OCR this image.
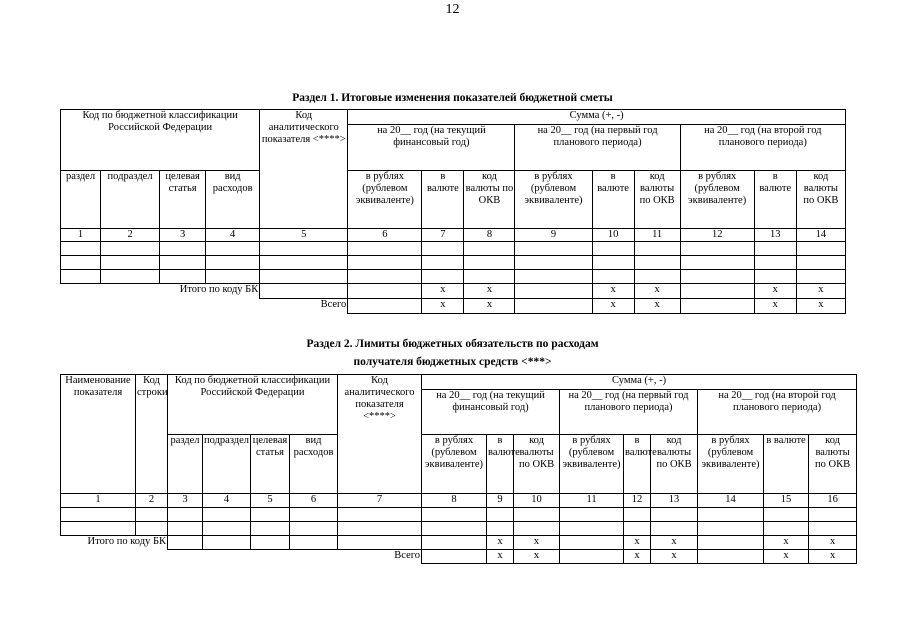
12
Раздел 1. Итоговые изменения показателей бюджетной сметы
Код по бюджетной классификации Российской Федерации				Код аналитического показателя <****>	Сумма (+, -)								
					на 20__ год (на текущий финансовый год)			на 20__ год (на первый год планового периода)			на 20__ год (на второй год планового периода)		

раздел	подраздел	целевая статья	вид расходов		в рублях (рублевом эквиваленте)	в валюте	код валюты по ОКВ	в рублях (рублевом эквиваленте)	в валюте	код валюты по ОКВ	в рублях (рублевом эквиваленте)	в валюте	код валюты по ОКВ
1	2	3	4	5	6	7	8	9	10	11	12	13	14

Итого по коду БК						x	x		x	x		x	x
Всего						x	x		x	x		x	x
Раздел 2. Лимиты бюджетных обязательств по расходам
получателя бюджетных средств <***>
Наименование показателя	Код строки	Код по бюджетной классификации Российской Федерации				Код аналитического показателя <****>	Сумма (+, -)								
							на 20__ год (на текущий финансовый год)			на 20__ год (на первый год планового периода)			на 20__ год (на второй год планового периода)		
		раздел	подраздел	целевая статья	вид расходов		в рублях (рублевом эквиваленте)	в валюте	код валюты по ОКВ	в рублях (рублевом эквиваленте)	в валюте	код валюты по ОКВ	в рублях (рублевом эквиваленте)	в валюте	код валюты по ОКВ
1	2	3	4	5	6	7	8	9	10	11	12	13	14	15	16

Итого по коду БК								x	x		x	x		x	x
Всего								x	x		x	x		x	x
